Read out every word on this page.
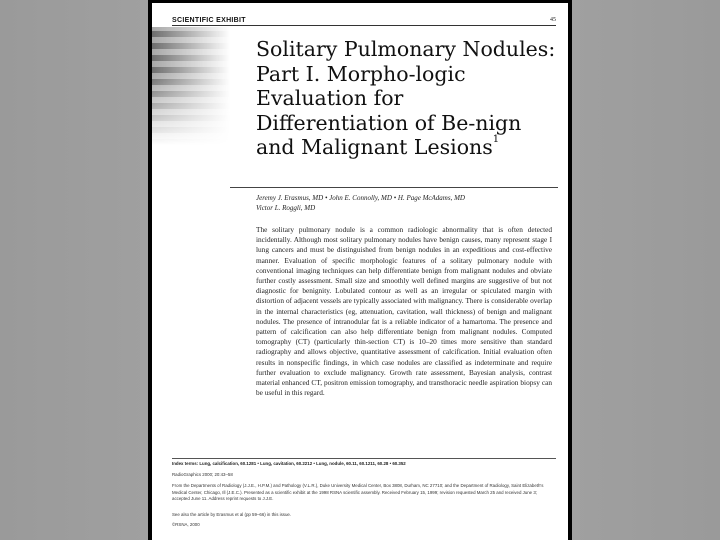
SCIENTIFIC EXHIBIT	45
Solitary Pulmonary Nodules: Part I. Morpho-logic Evaluation for Differentiation of Be-nign and Malignant Lesions$^1$
Jeremy J. Erasmus, MD • John E. Connolly, MD • H. Page McAdams, MD
Victor L. Roggli, MD

The solitary pulmonary nodule is a common radiologic abnormality that is often detected incidentally. Although most solitary pulmonary nodules have benign causes, many represent stage I lung cancers and must be distinguished from benign nodules in an expeditious and cost-effective manner. Evaluation of specific morphologic features of a solitary pulmonary nodule with conventional imaging techniques can help differentiate benign from malignant nodules and obviate further costly assessment. Small size and smoothly well defined margins are suggestive of but not diagnostic for benignity. Lobulated contour as well as an irregular or spiculated margin with distortion of adjacent vessels are typically associated with malignancy. There is considerable overlap in the internal characteristics (eg, attenuation, cavitation, wall thickness) of benign and malignant nodules. The presence of intranodular fat is a reliable indicator of a hamartoma. The presence and pattern of calcification can also help differentiate benign from malignant nodules. Computed tomography (CT) (particularly thin-section CT) is 10–20 times more sensitive than standard radiography and allows objective, quantitative assessment of calcification. Initial evaluation often results in nonspecific findings, in which case nodules are classified as indeterminate and require further evaluation to exclude malignancy. Growth rate assessment, Bayesian analysis, contrast material enhanced CT, positron emission tomography, and transthoracic needle aspiration biopsy can be useful in this regard.

Index terms: Lung, calcification, 60.1281 • Lung, cavitation, 60.2212 • Lung, nodule, 60.11, 60.1211, 60.28 • 60.352
RadioGraphics 2000; 20:43–58
From the Departments of Radiology (J.J.E., H.P.M.) and Pathology (V.L.R.), Duke University Medical Center, Box 3808, Durham, NC 27710; and the Department of Radiology, Saint Elizabeth's Medical Center, Chicago, Ill (J.E.C.). Presented as a scientific exhibit at the 1998 RSNA scientific assembly. Received February 15, 1999; revision requested March 25 and received June 3; accepted June 11. Address reprint requests to J.J.E.
See also the article by Erasmus et al (pp 59–66) in this issue.
©RSNA, 2000
